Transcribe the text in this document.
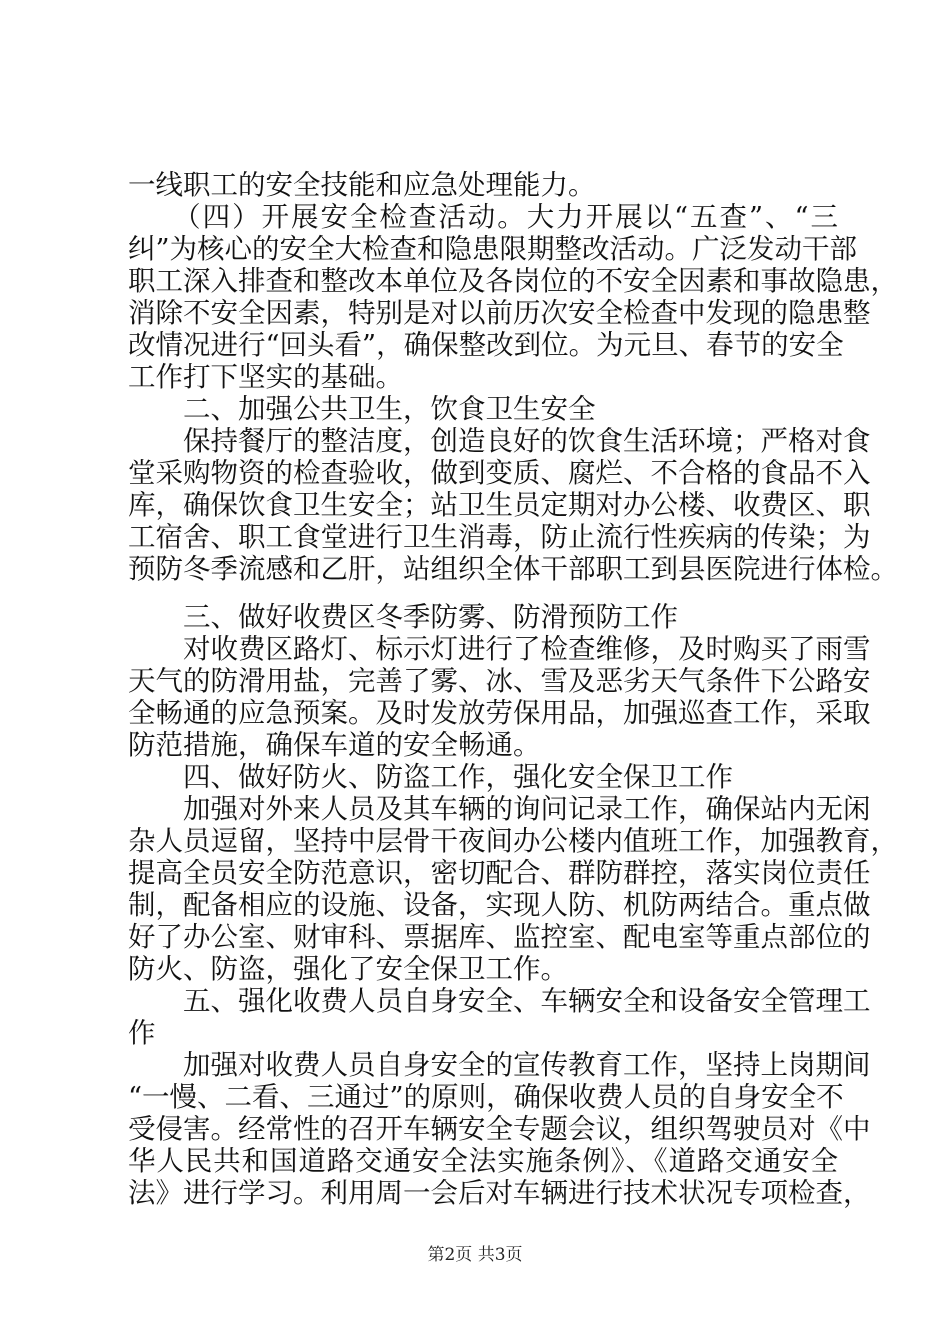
一线职工的安全技能和应急处理能力。
　　（四）开展安全检查活动。大力开展以“五查”、“三
纠”为核心的安全大检查和隐患限期整改活动。广泛发动干部
职工深入排查和整改本单位及各岗位的不安全因素和事故隐患，
消除不安全因素，特别是对以前历次安全检查中发现的隐患整
改情况进行“回头看”，确保整改到位。为元旦、春节的安全
工作打下坚实的基础。
　　二、加强公共卫生，饮食卫生安全
　　保持餐厅的整洁度，创造良好的饮食生活环境；严格对食
堂采购物资的检查验收，做到变质、腐烂、不合格的食品不入
库，确保饮食卫生安全；站卫生员定期对办公楼、收费区、职
工宿舍、职工食堂进行卫生消毒，防止流行性疾病的传染；为
预防冬季流感和乙肝，站组织全体干部职工到县医院进行体检。
　　三、做好收费区冬季防雾、防滑预防工作
　　对收费区路灯、标示灯进行了检查维修，及时购买了雨雪
天气的防滑用盐，完善了雾、冰、雪及恶劣天气条件下公路安
全畅通的应急预案。及时发放劳保用品，加强巡查工作，采取
防范措施，确保车道的安全畅通。
　　四、做好防火、防盗工作，强化安全保卫工作
　　加强对外来人员及其车辆的询问记录工作，确保站内无闲
杂人员逗留，坚持中层骨干夜间办公楼内值班工作，加强教育，
提高全员安全防范意识，密切配合、群防群控，落实岗位责任
制，配备相应的设施、设备，实现人防、机防两结合。重点做
好了办公室、财审科、票据库、监控室、配电室等重点部位的
防火、防盗，强化了安全保卫工作。
　　五、强化收费人员自身安全、车辆安全和设备安全管理工
作
　　加强对收费人员自身安全的宣传教育工作，坚持上岗期间
“一慢、二看、三通过”的原则，确保收费人员的自身安全不
受侵害。经常性的召开车辆安全专题会议，组织驾驶员对《中
华人民共和国道路交通安全法实施条例》、《道路交通安全
法》进行学习。利用周一会后对车辆进行技术状况专项检查，
第2页 共3页
